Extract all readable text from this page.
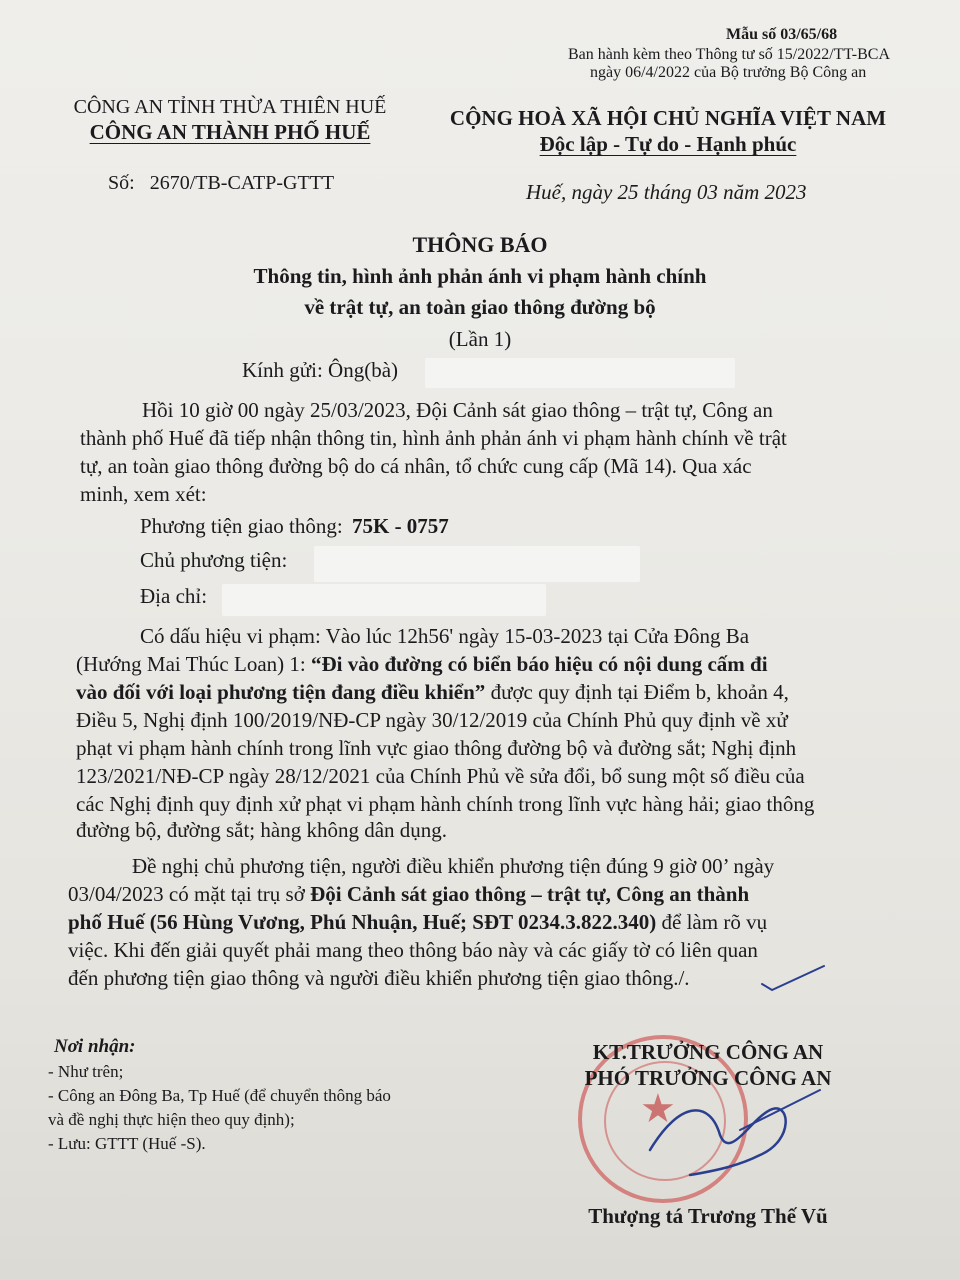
Mẫu số 03/65/68
Ban hành kèm theo Thông tư số 15/2022/TT-BCA
ngày 06/4/2022 của Bộ trưởng Bộ Công an
CÔNG AN TỈNH THỪA THIÊN HUẾ
CÔNG AN THÀNH PHỐ HUẾ
Số: 2670/TB-CATP-GTTT
CỘNG HOÀ XÃ HỘI CHỦ NGHĨA VIỆT NAM
Độc lập - Tự do - Hạnh phúc
Huế, ngày 25 tháng 03 năm 2023
THÔNG BÁO
Thông tin, hình ảnh phản ánh vi phạm hành chính
về trật tự, an toàn giao thông đường bộ
(Lần 1)
Kính gửi: Ông(bà)
Hồi 10 giờ 00 ngày 25/03/2023, Đội Cảnh sát giao thông – trật tự, Công an
thành phố Huế đã tiếp nhận thông tin, hình ảnh phản ánh vi phạm hành chính về trật
tự, an toàn giao thông đường bộ do cá nhân, tổ chức cung cấp (Mã 14). Qua xác
minh, xem xét:
Phương tiện giao thông: 75K - 0757
Chủ phương tiện:
Địa chỉ:
Có dấu hiệu vi phạm: Vào lúc 12h56' ngày 15-03-2023 tại Cửa Đông Ba
(Hướng Mai Thúc Loan) 1: “Đi vào đường có biển báo hiệu có nội dung cấm đi
vào đối với loại phương tiện đang điều khiển” được quy định tại Điểm b, khoản 4,
Điều 5, Nghị định 100/2019/NĐ-CP ngày 30/12/2019 của Chính Phủ quy định về xử
phạt vi phạm hành chính trong lĩnh vực giao thông đường bộ và đường sắt; Nghị định
123/2021/NĐ-CP ngày 28/12/2021 của Chính Phủ về sửa đổi, bổ sung một số điều của
các Nghị định quy định xử phạt vi phạm hành chính trong lĩnh vực hàng hải; giao thông
đường bộ, đường sắt; hàng không dân dụng.
Đề nghị chủ phương tiện, người điều khiển phương tiện đúng 9 giờ 00’ ngày
03/04/2023 có mặt tại trụ sở Đội Cảnh sát giao thông – trật tự, Công an thành
phố Huế (56 Hùng Vương, Phú Nhuận, Huế; SĐT 0234.3.822.340) để làm rõ vụ
việc. Khi đến giải quyết phải mang theo thông báo này và các giấy tờ có liên quan
đến phương tiện giao thông và người điều khiển phương tiện giao thông./.
Nơi nhận:
- Như trên;
- Công an Đông Ba, Tp Huế (để chuyển thông báo
và đề nghị thực hiện theo quy định);
- Lưu: GTTT (Huế -S).
★
KT.TRƯỞNG CÔNG AN
PHÓ TRƯỞNG CÔNG AN
Thượng tá Trương Thế Vũ
